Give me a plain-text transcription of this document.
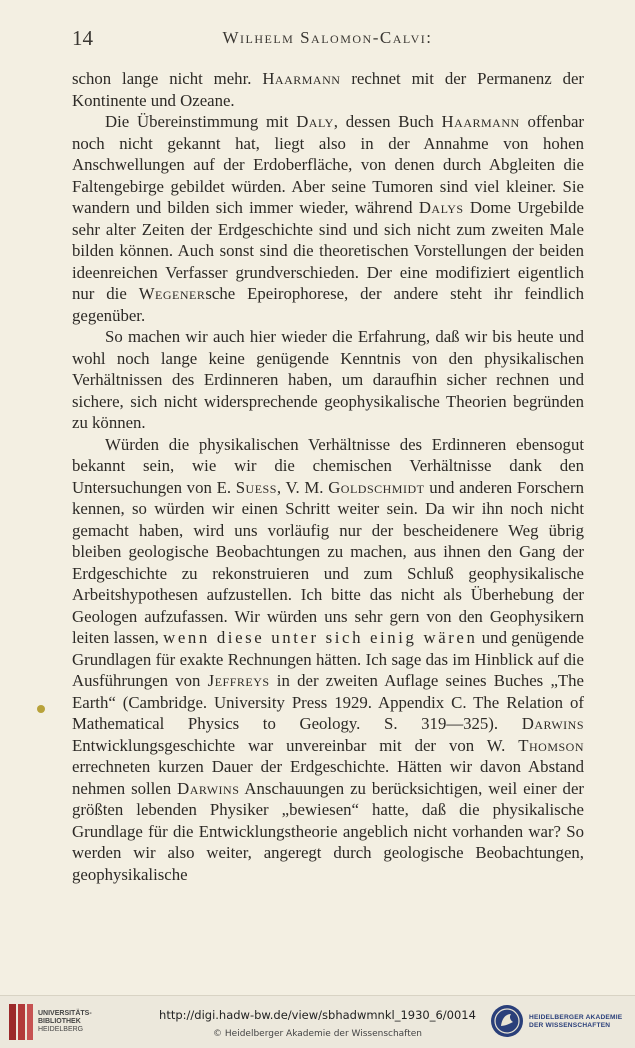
14	Wilhelm Salomon-Calvi:

schon lange nicht mehr. Haarmann rechnet mit der Permanenz der Kontinente und Ozeane.

Die Übereinstimmung mit Daly, dessen Buch Haarmann offenbar noch nicht gekannt hat, liegt also in der Annahme von hohen Anschwellungen auf der Erdoberfläche, von denen durch Abgleiten die Faltengebirge gebildet würden. Aber seine Tumoren sind viel kleiner. Sie wandern und bilden sich immer wieder, während Dalys Dome Urgebilde sehr alter Zeiten der Erdgeschichte sind und sich nicht zum zweiten Male bilden können. Auch sonst sind die theoretischen Vorstellungen der beiden ideenreichen Verfasser grundverschieden. Der eine modifiziert eigentlich nur die Wegenersche Epeirophorese, der andere steht ihr feindlich gegenüber.

So machen wir auch hier wieder die Erfahrung, daß wir bis heute und wohl noch lange keine genügende Kenntnis von den physikalischen Verhältnissen des Erdinneren haben, um daraufhin sicher rechnen und sichere, sich nicht widersprechende geophysikalische Theorien begründen zu können.

Würden die physikalischen Verhältnisse des Erdinneren ebensogut bekannt sein, wie wir die chemischen Verhältnisse dank den Untersuchungen von E. Suess, V. M. Goldschmidt und anderen Forschern kennen, so würden wir einen Schritt weiter sein. Da wir ihn noch nicht gemacht haben, wird uns vorläufig nur der bescheidenere Weg übrig bleiben geologische Beobachtungen zu machen, aus ihnen den Gang der Erdgeschichte zu rekonstruieren und zum Schluß geophysikalische Arbeitshypothesen aufzustellen. Ich bitte das nicht als Überhebung der Geologen aufzufassen. Wir würden uns sehr gern von den Geophysikern leiten lassen, wenn diese unter sich einig wären und genügende Grundlagen für exakte Rechnungen hätten. Ich sage das im Hinblick auf die Ausführungen von Jeffreys in der zweiten Auflage seines Buches „The Earth“ (Cambridge. University Press 1929. Appendix C. The Relation of Mathematical Physics to Geology. S. 319—325). Darwins Entwicklungsgeschichte war unvereinbar mit der von W. Thomson errechneten kurzen Dauer der Erdgeschichte. Hätten wir davon Abstand nehmen sollen Darwins Anschauungen zu berücksichtigen, weil einer der größten lebenden Physiker „bewiesen“ hatte, daß die physikalische Grundlage für die Entwicklungstheorie angeblich nicht vorhanden war? So werden wir also weiter, angeregt durch geologische Beobachtungen, geophysikalische

UNIVERSITÄTS-
BIBLIOTHEK
HEIDELBERG
http://digi.hadw-bw.de/view/sbhadwmnkl_1930_6/0014
© Heidelberger Akademie der Wissenschaften
HEIDELBERGER AKADEMIE
DER WISSENSCHAFTEN
